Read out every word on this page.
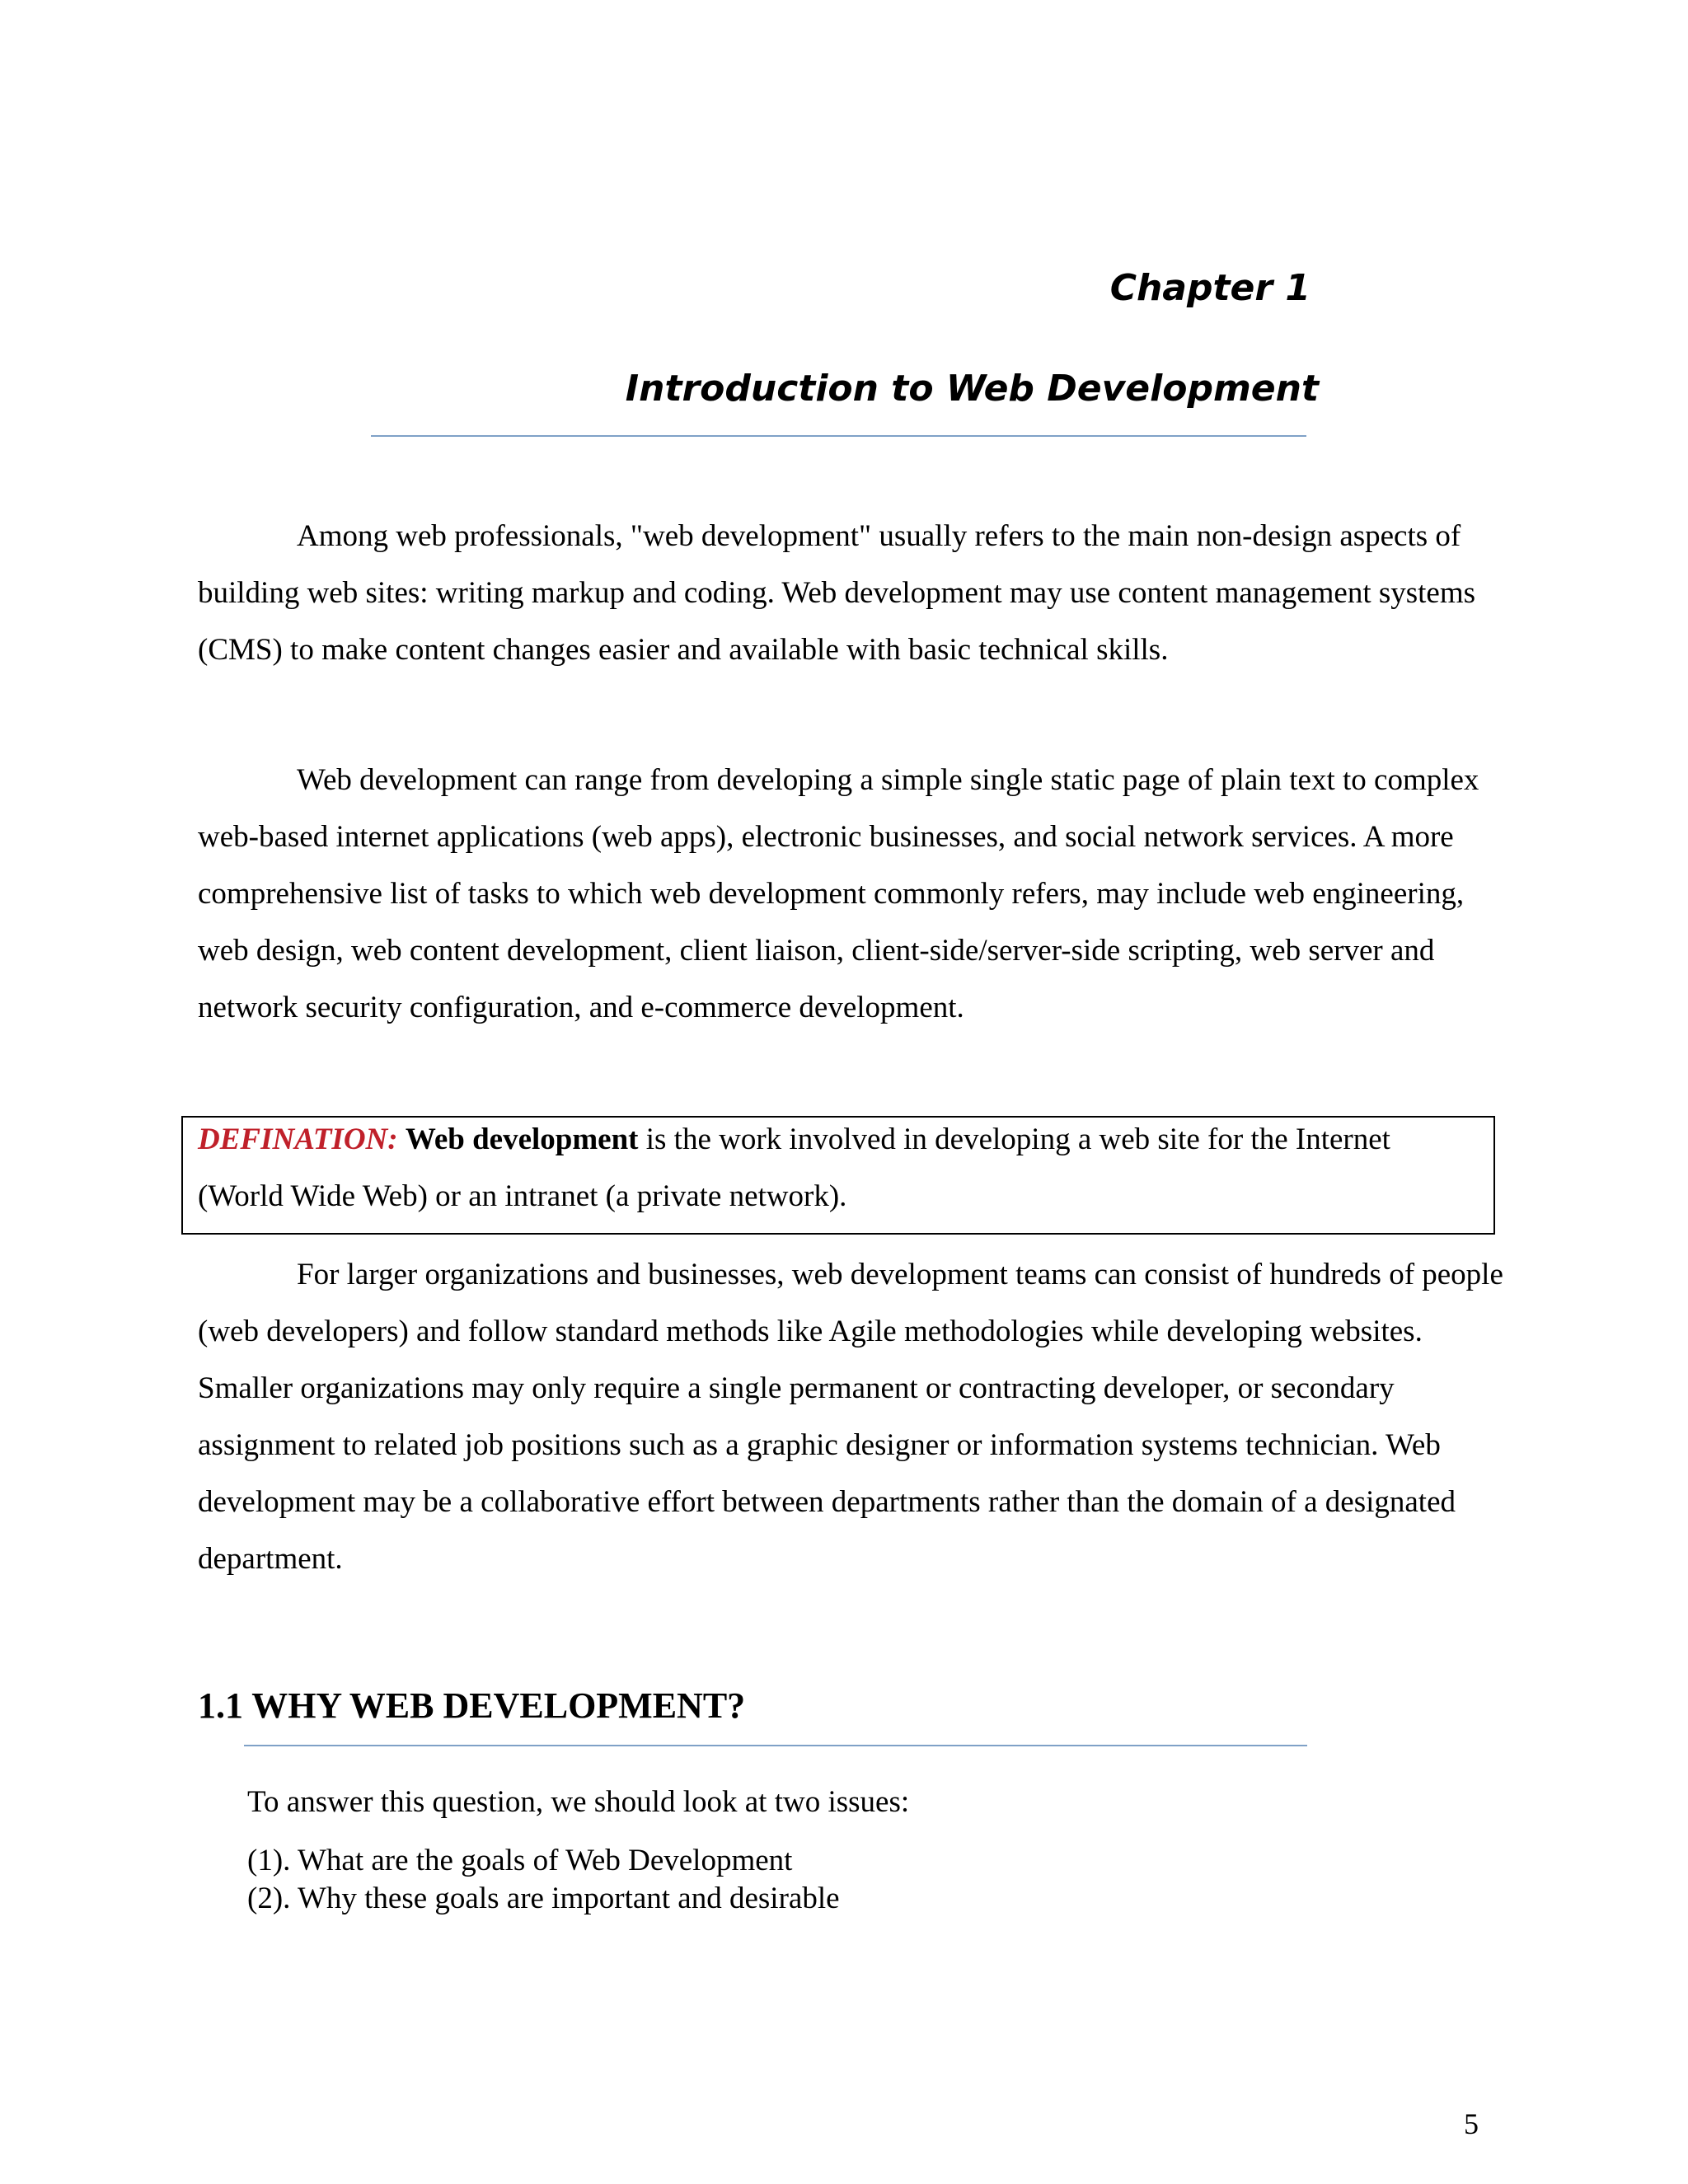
Chapter 1
Introduction to Web Development

Among web professionals, "web development" usually refers to the main non-design aspects of building web sites: writing markup and coding. Web development may use content management systems (CMS) to make content changes easier and available with basic technical skills.

Web development can range from developing a simple single static page of plain text to complex web-based internet applications (web apps), electronic businesses, and social network services. A more comprehensive list of tasks to which web development commonly refers, may include web engineering, web design, web content development, client liaison, client-side/server-side scripting, web server and network security configuration, and e-commerce development.

DEFINATION: Web development is the work involved in developing a web site for the Internet (World Wide Web) or an intranet (a private network).

For larger organizations and businesses, web development teams can consist of hundreds of people (web developers) and follow standard methods like Agile methodologies while developing websites. Smaller organizations may only require a single permanent or contracting developer, or secondary assignment to related job positions such as a graphic designer or information systems technician. Web development may be a collaborative effort between departments rather than the domain of a designated department.

1.1 WHY WEB DEVELOPMENT?

To answer this question, we should look at two issues:

(1). What are the goals of Web Development
(2). Why these goals are important and desirable
5
